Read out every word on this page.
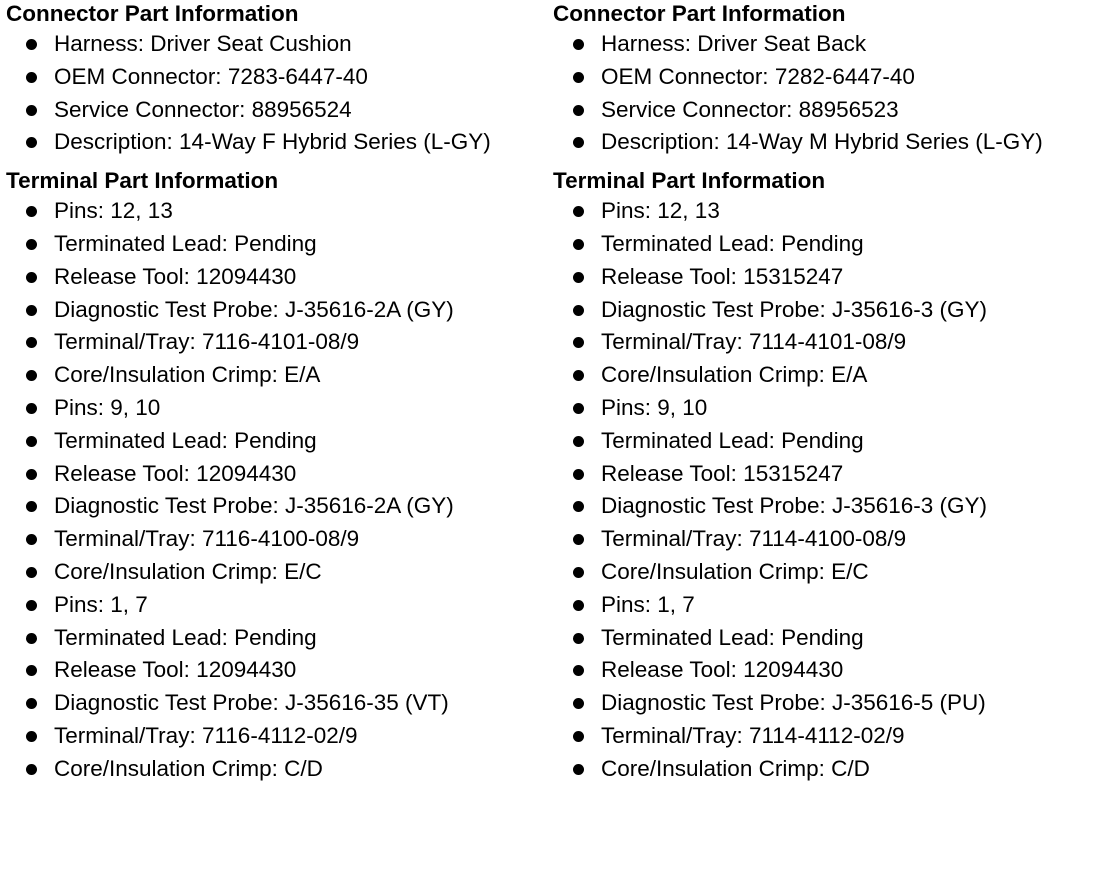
Connector Part Information
Harness: Driver Seat Cushion
OEM Connector: 7283-6447-40
Service Connector: 88956524
Description: 14-Way F Hybrid Series (L-GY)
Terminal Part Information
Pins: 12, 13
Terminated Lead: Pending
Release Tool: 12094430
Diagnostic Test Probe: J-35616-2A (GY)
Terminal/Tray: 7116-4101-08/9
Core/Insulation Crimp: E/A
Pins: 9, 10
Terminated Lead: Pending
Release Tool: 12094430
Diagnostic Test Probe: J-35616-2A (GY)
Terminal/Tray: 7116-4100-08/9
Core/Insulation Crimp: E/C
Pins: 1, 7
Terminated Lead: Pending
Release Tool: 12094430
Diagnostic Test Probe: J-35616-35 (VT)
Terminal/Tray: 7116-4112-02/9
Core/Insulation Crimp: C/D
Connector Part Information
Harness: Driver Seat Back
OEM Connector: 7282-6447-40
Service Connector: 88956523
Description: 14-Way M Hybrid Series (L-GY)
Terminal Part Information
Pins: 12, 13
Terminated Lead: Pending
Release Tool: 15315247
Diagnostic Test Probe: J-35616-3 (GY)
Terminal/Tray: 7114-4101-08/9
Core/Insulation Crimp: E/A
Pins: 9, 10
Terminated Lead: Pending
Release Tool: 15315247
Diagnostic Test Probe: J-35616-3 (GY)
Terminal/Tray: 7114-4100-08/9
Core/Insulation Crimp: E/C
Pins: 1, 7
Terminated Lead: Pending
Release Tool: 12094430
Diagnostic Test Probe: J-35616-5 (PU)
Terminal/Tray: 7114-4112-02/9
Core/Insulation Crimp: C/D
